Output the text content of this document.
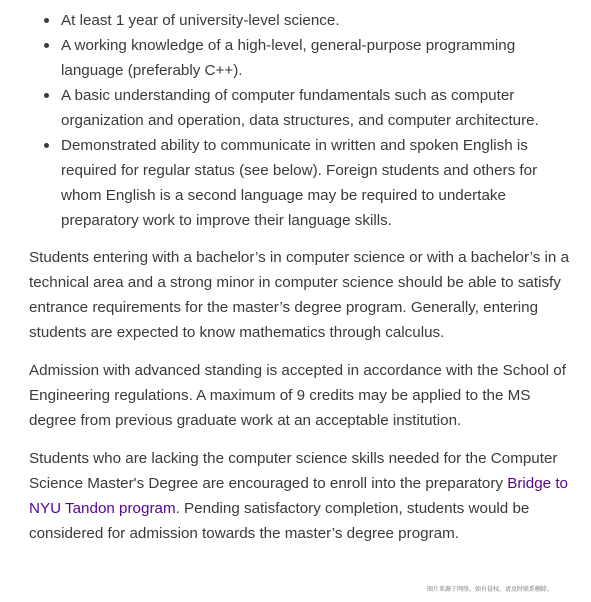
At least 1 year of university-level science.
A working knowledge of a high-level, general-purpose programming language (preferably C++).
A basic understanding of computer fundamentals such as computer organization and operation, data structures, and computer architecture.
Demonstrated ability to communicate in written and spoken English is required for regular status (see below). Foreign students and others for whom English is a second language may be required to undertake preparatory work to improve their language skills.

Students entering with a bachelor’s in computer science or with a bachelor’s in a technical area and a strong minor in computer science should be able to satisfy entrance requirements for the master’s degree program. Generally, entering students are expected to know mathematics through calculus.

Admission with advanced standing is accepted in accordance with the School of Engineering regulations. A maximum of 9 credits may be applied to the MS degree from previous graduate work at an acceptable institution.

Students who are lacking the computer science skills needed for the Computer Science Master's Degree are encouraged to enroll into the preparatory Bridge to NYU Tandon program. Pending satisfactory completion, students would be considered for admission towards the master’s degree program.

图片来源于网络，如有侵权，请及时联系删除。
